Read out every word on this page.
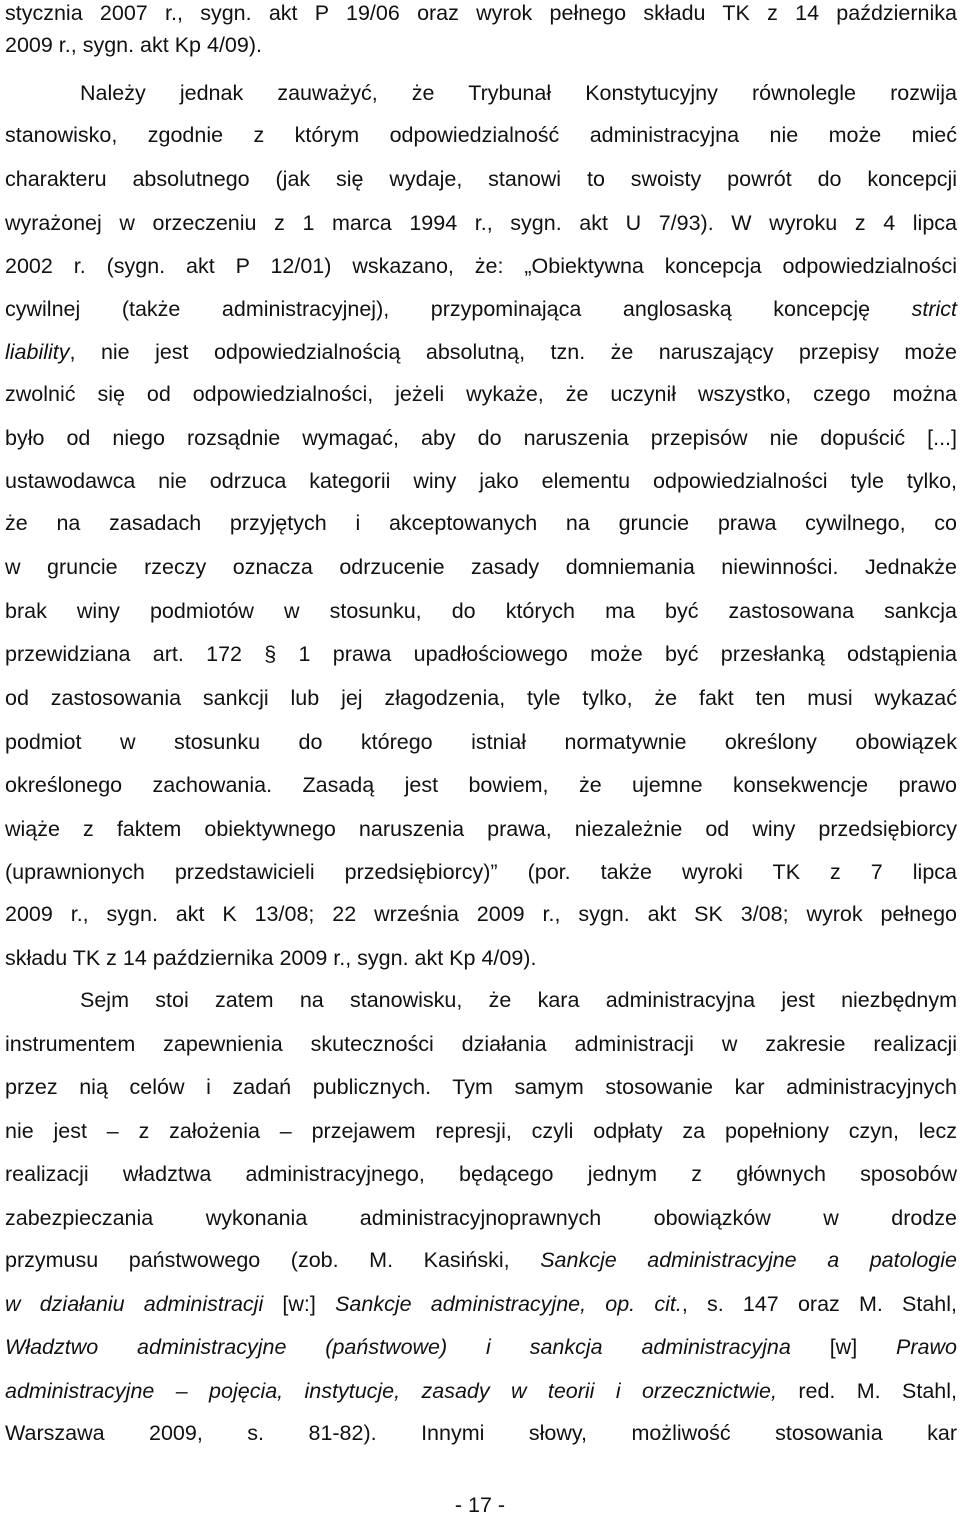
stycznia 2007 r., sygn. akt P 19/06 oraz wyrok pełnego składu TK z 14 października
2009 r., sygn. akt Kp 4/09).
Należy jednak zauważyć, że Trybunał Konstytucyjny równolegle rozwija
stanowisko, zgodnie z którym odpowiedzialność administracyjna nie może mieć
charakteru absolutnego (jak się wydaje, stanowi to swoisty powrót do koncepcji
wyrażonej w orzeczeniu z 1 marca 1994 r., sygn. akt U 7/93). W wyroku z 4 lipca
2002 r. (sygn. akt P 12/01) wskazano, że: „Obiektywna koncepcja odpowiedzialności
cywilnej (także administracyjnej), przypominająca anglosaską koncepcję strict
liability, nie jest odpowiedzialnością absolutną, tzn. że naruszający przepisy może
zwolnić się od odpowiedzialności, jeżeli wykaże, że uczynił wszystko, czego można
było od niego rozsądnie wymagać, aby do naruszenia przepisów nie dopuścić [...]
ustawodawca nie odrzuca kategorii winy jako elementu odpowiedzialności tyle tylko,
że na zasadach przyjętych i akceptowanych na gruncie prawa cywilnego, co
w gruncie rzeczy oznacza odrzucenie zasady domniemania niewinności. Jednakże
brak winy podmiotów w stosunku, do których ma być zastosowana sankcja
przewidziana art. 172 § 1 prawa upadłościowego może być przesłanką odstąpienia
od zastosowania sankcji lub jej złagodzenia, tyle tylko, że fakt ten musi wykazać
podmiot w stosunku do którego istniał normatywnie określony obowiązek
określonego zachowania. Zasadą jest bowiem, że ujemne konsekwencje prawo
wiąże z faktem obiektywnego naruszenia prawa, niezależnie od winy przedsiębiorcy
(uprawnionych przedstawicieli przedsiębiorcy)” (por. także wyroki TK z 7 lipca
2009 r., sygn. akt K 13/08; 22 września 2009 r., sygn. akt SK 3/08; wyrok pełnego
składu TK z 14 października 2009 r., sygn. akt Kp 4/09).
Sejm stoi zatem na stanowisku, że kara administracyjna jest niezbędnym
instrumentem zapewnienia skuteczności działania administracji w zakresie realizacji
przez nią celów i zadań publicznych. Tym samym stosowanie kar administracyjnych
nie jest – z założenia – przejawem represji, czyli odpłaty za popełniony czyn, lecz
realizacji władztwa administracyjnego, będącego jednym z głównych sposobów
zabezpieczania wykonania administracyjnoprawnych obowiązków w drodze
przymusu państwowego (zob. M. Kasiński, Sankcje administracyjne a patologie
w działaniu administracji [w:] Sankcje administracyjne, op. cit., s. 147 oraz M. Stahl,
Władztwo administracyjne (państwowe) i sankcja administracyjna [w] Prawo
administracyjne – pojęcia, instytucje, zasady w teorii i orzecznictwie, red. M. Stahl,
Warszawa 2009, s. 81-82). Innymi słowy, możliwość stosowania kar
- 17 -
